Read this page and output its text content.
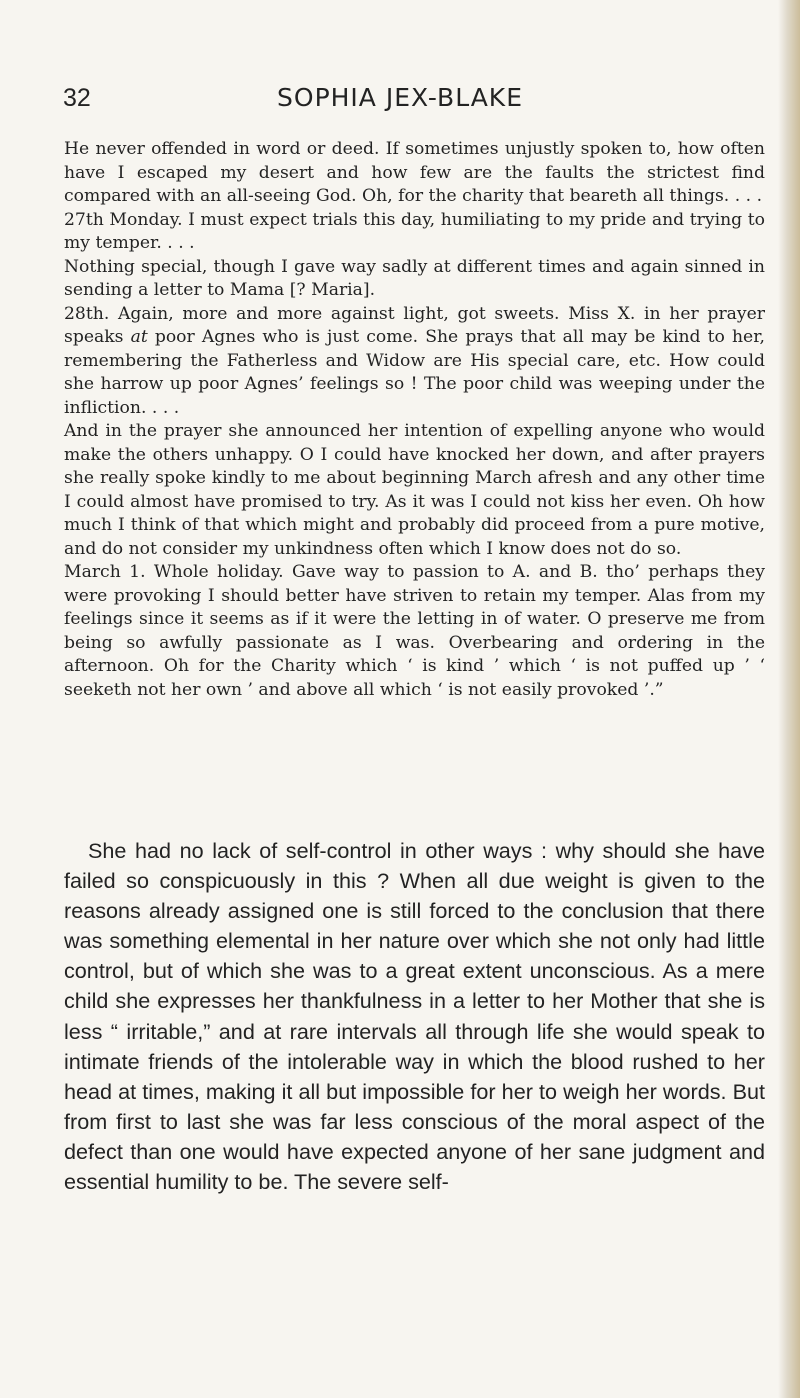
32	SOPHIA JEX-BLAKE

He never offended in word or deed. If sometimes unjustly spoken to, how often have I escaped my desert and how few are the faults the strictest find compared with an all-seeing God. Oh, for the charity that beareth all things. . . .

27th Monday. I must expect trials this day, humiliating to my pride and trying to my temper. . . .

Nothing special, though I gave way sadly at different times and again sinned in sending a letter to Mama [? Maria].

28th. Again, more and more against light, got sweets. Miss X. in her prayer speaks at poor Agnes who is just come. She prays that all may be kind to her, remembering the Fatherless and Widow are His special care, etc. How could she harrow up poor Agnes’ feelings so ! The poor child was weeping under the infliction. . . .

And in the prayer she announced her intention of expelling anyone who would make the others unhappy. O I could have knocked her down, and after prayers she really spoke kindly to me about beginning March afresh and any other time I could almost have promised to try. As it was I could not kiss her even. Oh how much I think of that which might and probably did proceed from a pure motive, and do not consider my unkindness often which I know does not do so.

March 1. Whole holiday. Gave way to passion to A. and B. tho’ perhaps they were provoking I should better have striven to retain my temper. Alas from my feelings since it seems as if it were the letting in of water. O preserve me from being so awfully passionate as I was. Overbearing and ordering in the afternoon. Oh for the Charity which ‘ is kind ’ which ‘ is not puffed up ’ ‘ seeketh not her own ’ and above all which ‘ is not easily provoked ’.”

She had no lack of self-control in other ways : why should she have failed so conspicuously in this ? When all due weight is given to the reasons already assigned one is still forced to the conclusion that there was something elemental in her nature over which she not only had little control, but of which she was to a great extent unconscious. As a mere child she expresses her thankfulness in a letter to her Mother that she is less “ irritable,” and at rare intervals all through life she would speak to intimate friends of the intolerable way in which the blood rushed to her head at times, making it all but impossible for her to weigh her words. But from first to last she was far less conscious of the moral aspect of the defect than one would have expected anyone of her sane judgment and essential humility to be. The severe self-
